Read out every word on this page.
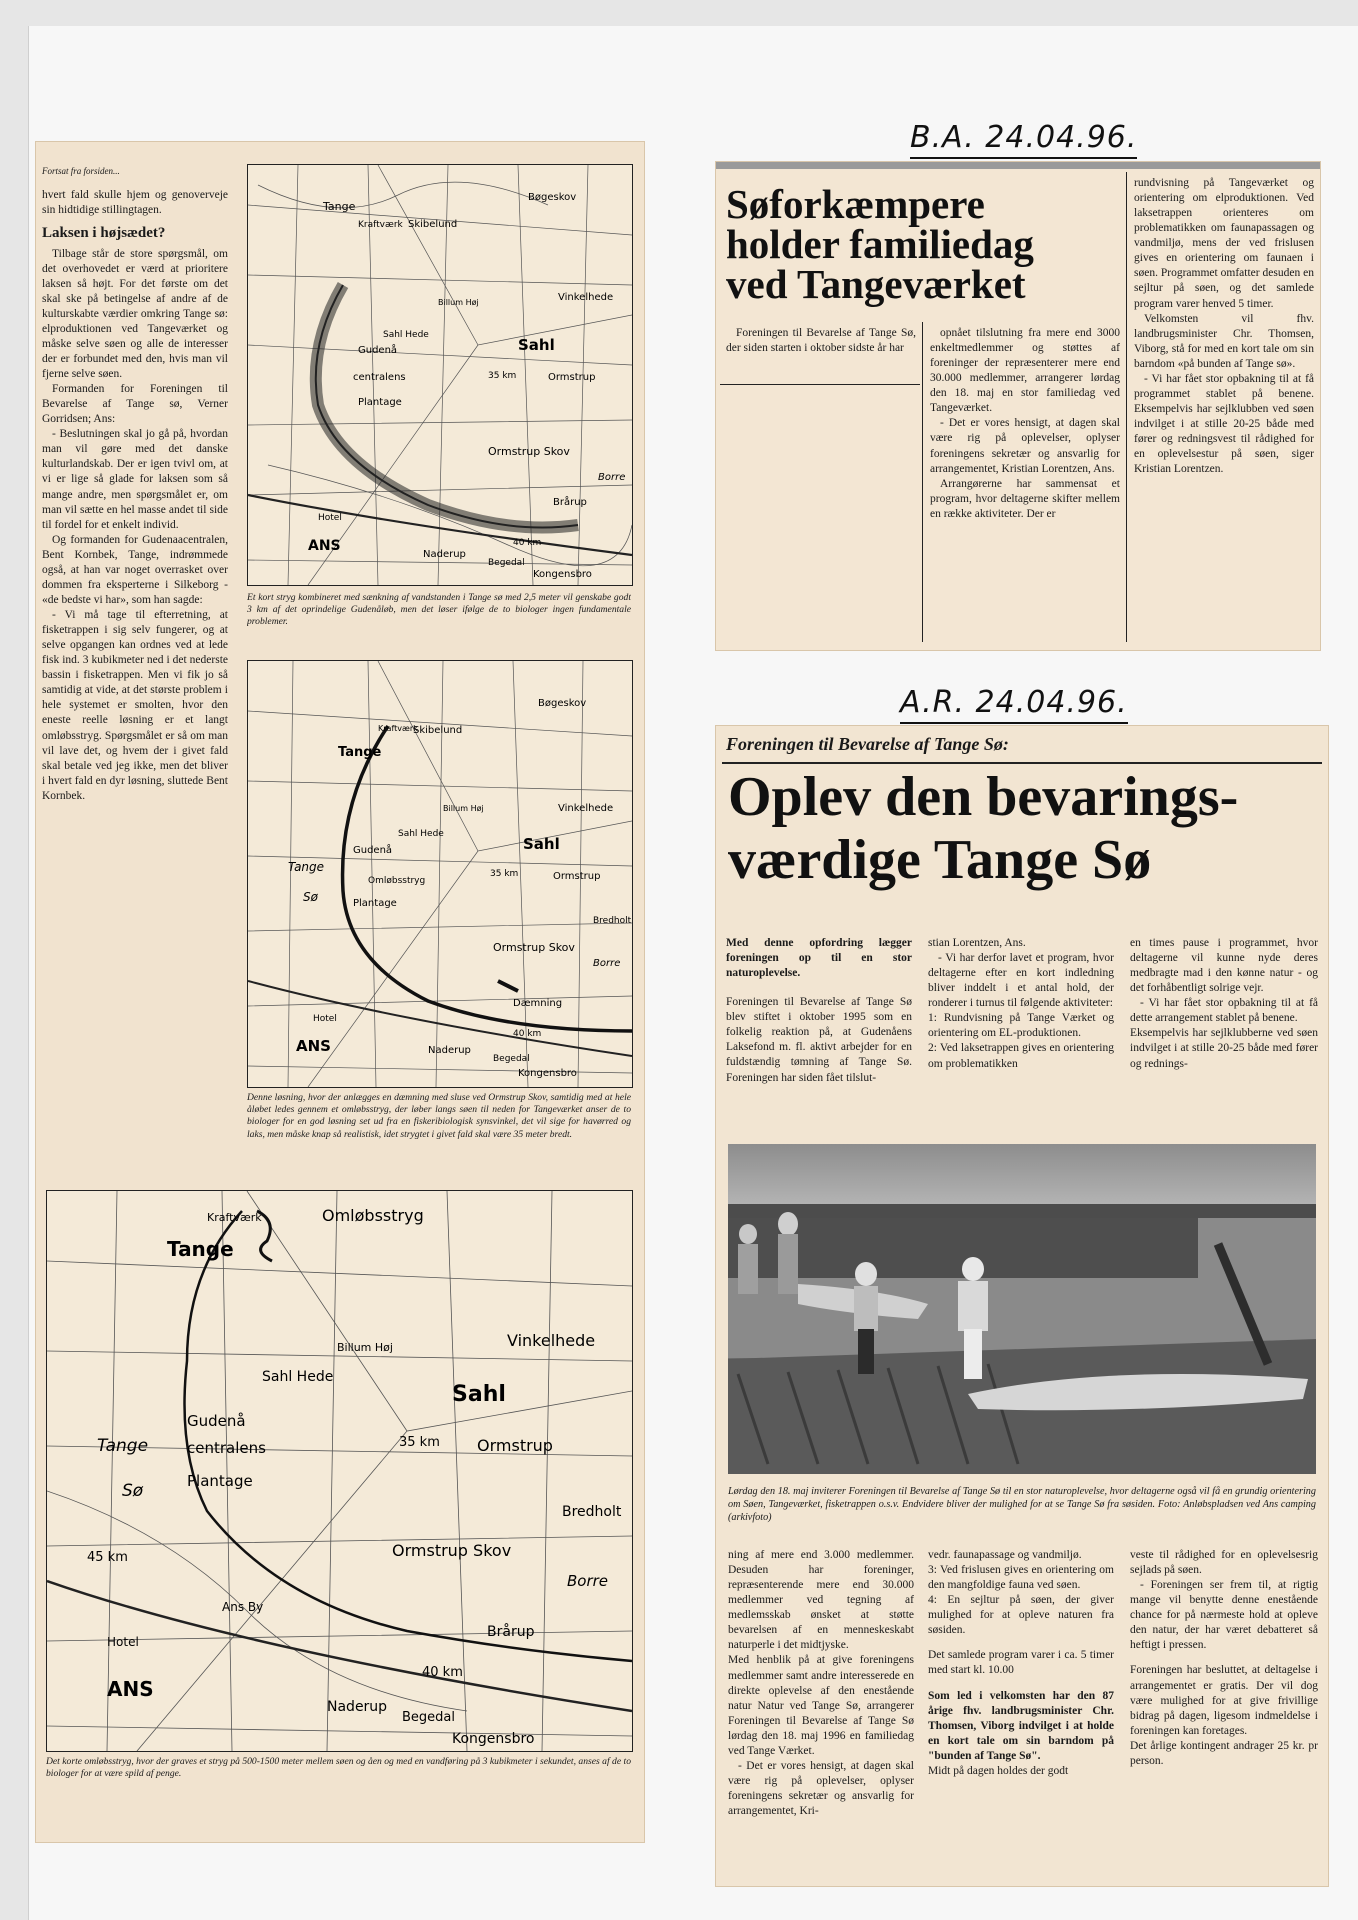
Fortsat fra forsiden...

hvert fald skulle hjem og genoverveje sin hidtidige stillingtagen.

Laksen i højsædet?

Tilbage står de store spørgsmål, om det overhovedet er værd at prioritere laksen så højt. For det første om det skal ske på betingelse af andre af de kulturskabte værdier omkring Tange sø: elproduktionen ved Tangeværket og måske selve søen og alle de interesser der er forbundet med den, hvis man vil fjerne selve søen.

Formanden for Foreningen til Bevarelse af Tange sø, Verner Gorridsen; Ans:

- Beslutningen skal jo gå på, hvordan man vil gøre med det danske kulturlandskab. Der er igen tvivl om, at vi er lige så glade for laksen som så mange andre, men spørgsmålet er, om man vil sætte en hel masse andet til side til fordel for et enkelt individ.

Og formanden for Gudenaacentralen, Bent Kornbek, Tange, indrømmede også, at han var noget overrasket over dommen fra eksperterne i Silkeborg - «de bedste vi har», som han sagde:

- Vi må tage til efterretning, at fisketrappen i sig selv fungerer, og at selve opgangen kan ordnes ved at lede fisk ind. 3 kubikmeter ned i det nederste bassin i fisketrappen. Men vi fik jo så samtidig at vide, at det største problem i hele systemet er smolten, hvor den eneste reelle løsning er et langt omløbsstryg. Spørgsmålet er så om man vil lave det, og hvem der i givet fald skal betale ved jeg ikke, men det bliver i hvert fald en dyr løsning, sluttede Bent Kornbek.

Tange
Kraftværk Skibelund
Bøgeskov
Billum Høj	Vinkelhede
Sahl Hede
Sahl
Gudenå
centralens
Plantage
35 km	Ormstrup
Ormstrup Skov
Borre
Brårup
Hotel
ANS	40 km
Naderup
Begedal
Kongensbro
Et kort stryg kombineret med sænkning af vandstanden i Tange sø med 2,5 meter vil genskabe godt 3 km af det oprindelige Gudenåløb, men det løser ifølge de to biologer ingen fundamentale problemer.
Tange
Kraftværk
Skibelund
Bøgeskov
Billum Høj	Vinkelhede
Sahl Hede
Sahl
Gudenå
Tange
Sø
Omløbsstryg
Plantage
35 km	Ormstrup
Bredholt
Ormstrup Skov
Borre
Dæmning
Hotel
ANS
40 km
Naderup
Begedal
Kongensbro
Denne løsning, hvor der anlægges en dæmning med sluse ved Ormstrup Skov, samtidig med at hele åløbet ledes gennem et omløbsstryg, der løber langs søen til neden for Tangeværket anser de to biologer for en god løsning set ud fra en fiskeribiologisk synsvinkel, det vil sige for havørred og laks, men måske knap så realistisk, idet strygtet i givet fald skal være 35 meter bredt.
Omløbsstryg
Kraftværk
Tange
Billum Høj	Vinkelhede
Sahl Hede
Sahl
Gudenå
Tange	centralens
Sø	Plantage
35 km Ormstrup
Bredholt
Ormstrup Skov
45 km
Borre
Ans By
Brårup
Hotel
ANS
40 km
Naderup
Begedal
Kongensbro
Det korte omløbsstryg, hvor der graves et stryg på 500-1500 meter mellem søen og åen og med en vandføring på 3 kubikmeter i sekundet, anses af de to biologer for at være spild af penge.
B.A. 24.04.96.
Søforkæmpere
holder familiedag
ved Tangeværket

Foreningen til Bevarelse af Tange Sø, der siden starten i oktober sidste år har

opnået tilslutning fra mere end 3000 enkeltmedlemmer og støttes af foreninger der repræsenterer mere end 30.000 medlemmer, arrangerer lørdag den 18. maj en stor familiedag ved Tangeværket.

- Det er vores hensigt, at dagen skal være rig på oplevelser, oplyser foreningens sekretær og ansvarlig for arrangementet, Kristian Lorentzen, Ans.

Arrangørerne har sammensat et program, hvor deltagerne skifter mellem en række aktiviteter. Der er

rundvisning på Tangeværket og orientering om elproduktionen. Ved laksetrappen orienteres om problematikken om faunapassagen og vandmiljø, mens der ved frislusen gives en orientering om faunaen i søen. Programmet omfatter desuden en sejltur på søen, og det samlede program varer henved 5 timer.

Velkomsten vil fhv. landbrugsminister Chr. Thomsen, Viborg, stå for med en kort tale om sin barndom «på bunden af Tange sø».

- Vi har fået stor opbakning til at få programmet stablet på benene. Eksempelvis har sejlklubben ved søen indvilget i at stille 20-25 både med fører og redningsvest til rådighed for en oplevelsestur på søen, siger Kristian Lorentzen.

A.R. 24.04.96.
Foreningen til Bevarelse af Tange Sø:
Oplev den bevarings-
værdige Tange Sø

Med denne opfordring lægger foreningen op til en stor naturoplevelse.

Foreningen til Bevarelse af Tange Sø blev stiftet i oktober 1995 som en folkelig reaktion på, at Gudenåens Laksefond m. fl. aktivt arbejder for en fuldstændig tømning af Tange Sø. Foreningen har siden fået tilslut-

stian Lorentzen, Ans.

- Vi har derfor lavet et program, hvor deltagerne efter en kort indledning bliver inddelt i et antal hold, der ronderer i turnus til følgende aktiviteter:

1: Rundvisning på Tange Værket og orientering om EL-produktionen.

2: Ved laksetrappen gives en orientering om problematikken

en times pause i programmet, hvor deltagerne vil kunne nyde deres medbragte mad i den kønne natur - og det forhåbentligt solrige vejr.

- Vi har fået stor opbakning til at få dette arrangement stablet på benene.

Eksempelvis har sejlklubberne ved søen indvilget i at stille 20-25 både med fører og rednings-

Lørdag den 18. maj inviterer Foreningen til Bevarelse af Tange Sø til en stor naturoplevelse, hvor deltagerne også vil få en grundig orientering om Søen, Tangeværket, fisketrappen o.s.v. Endvidere bliver der mulighed for at se Tange Sø fra søsiden. Foto: Anløbspladsen ved Ans camping (arkivfoto)

ning af mere end 3.000 medlemmer. Desuden har foreninger, repræsenterende mere end 30.000 medlemmer ved tegning af medlemsskab ønsket at støtte bevarelsen af en menneskeskabt naturperle i det midtjyske.

Med henblik på at give foreningens medlemmer samt andre interesserede en direkte oplevelse af den enestående natur Natur ved Tange Sø, arrangerer Foreningen til Bevarelse af Tange Sø lørdag den 18. maj 1996 en familiedag ved Tange Værket.

- Det er vores hensigt, at dagen skal være rig på oplevelser, oplyser foreningens sekretær og ansvarlig for arrangementet, Kri-

vedr. faunapassage og vandmiljø.

3: Ved frislusen gives en orientering om den mangfoldige fauna ved søen.

4: En sejltur på søen, der giver mulighed for at opleve naturen fra søsiden.

Det samlede program varer i ca. 5 timer med start kl. 10.00

Som led i velkomsten har den 87 årige fhv. landbrugsminister Chr. Thomsen, Viborg indvilget i at holde en kort tale om sin barndom på "bunden af Tange Sø".

Midt på dagen holdes der godt

veste til rådighed for en oplevelsesrig sejlads på søen.

- Foreningen ser frem til, at rigtig mange vil benytte denne enestående chance for på nærmeste hold at opleve den natur, der har været debatteret så heftigt i pressen.

Foreningen har besluttet, at deltagelse i arrangementet er gratis. Der vil dog være mulighed for at give frivillige bidrag på dagen, ligesom indmeldelse i foreningen kan foretages.

Det årlige kontingent andrager 25 kr. pr person.
